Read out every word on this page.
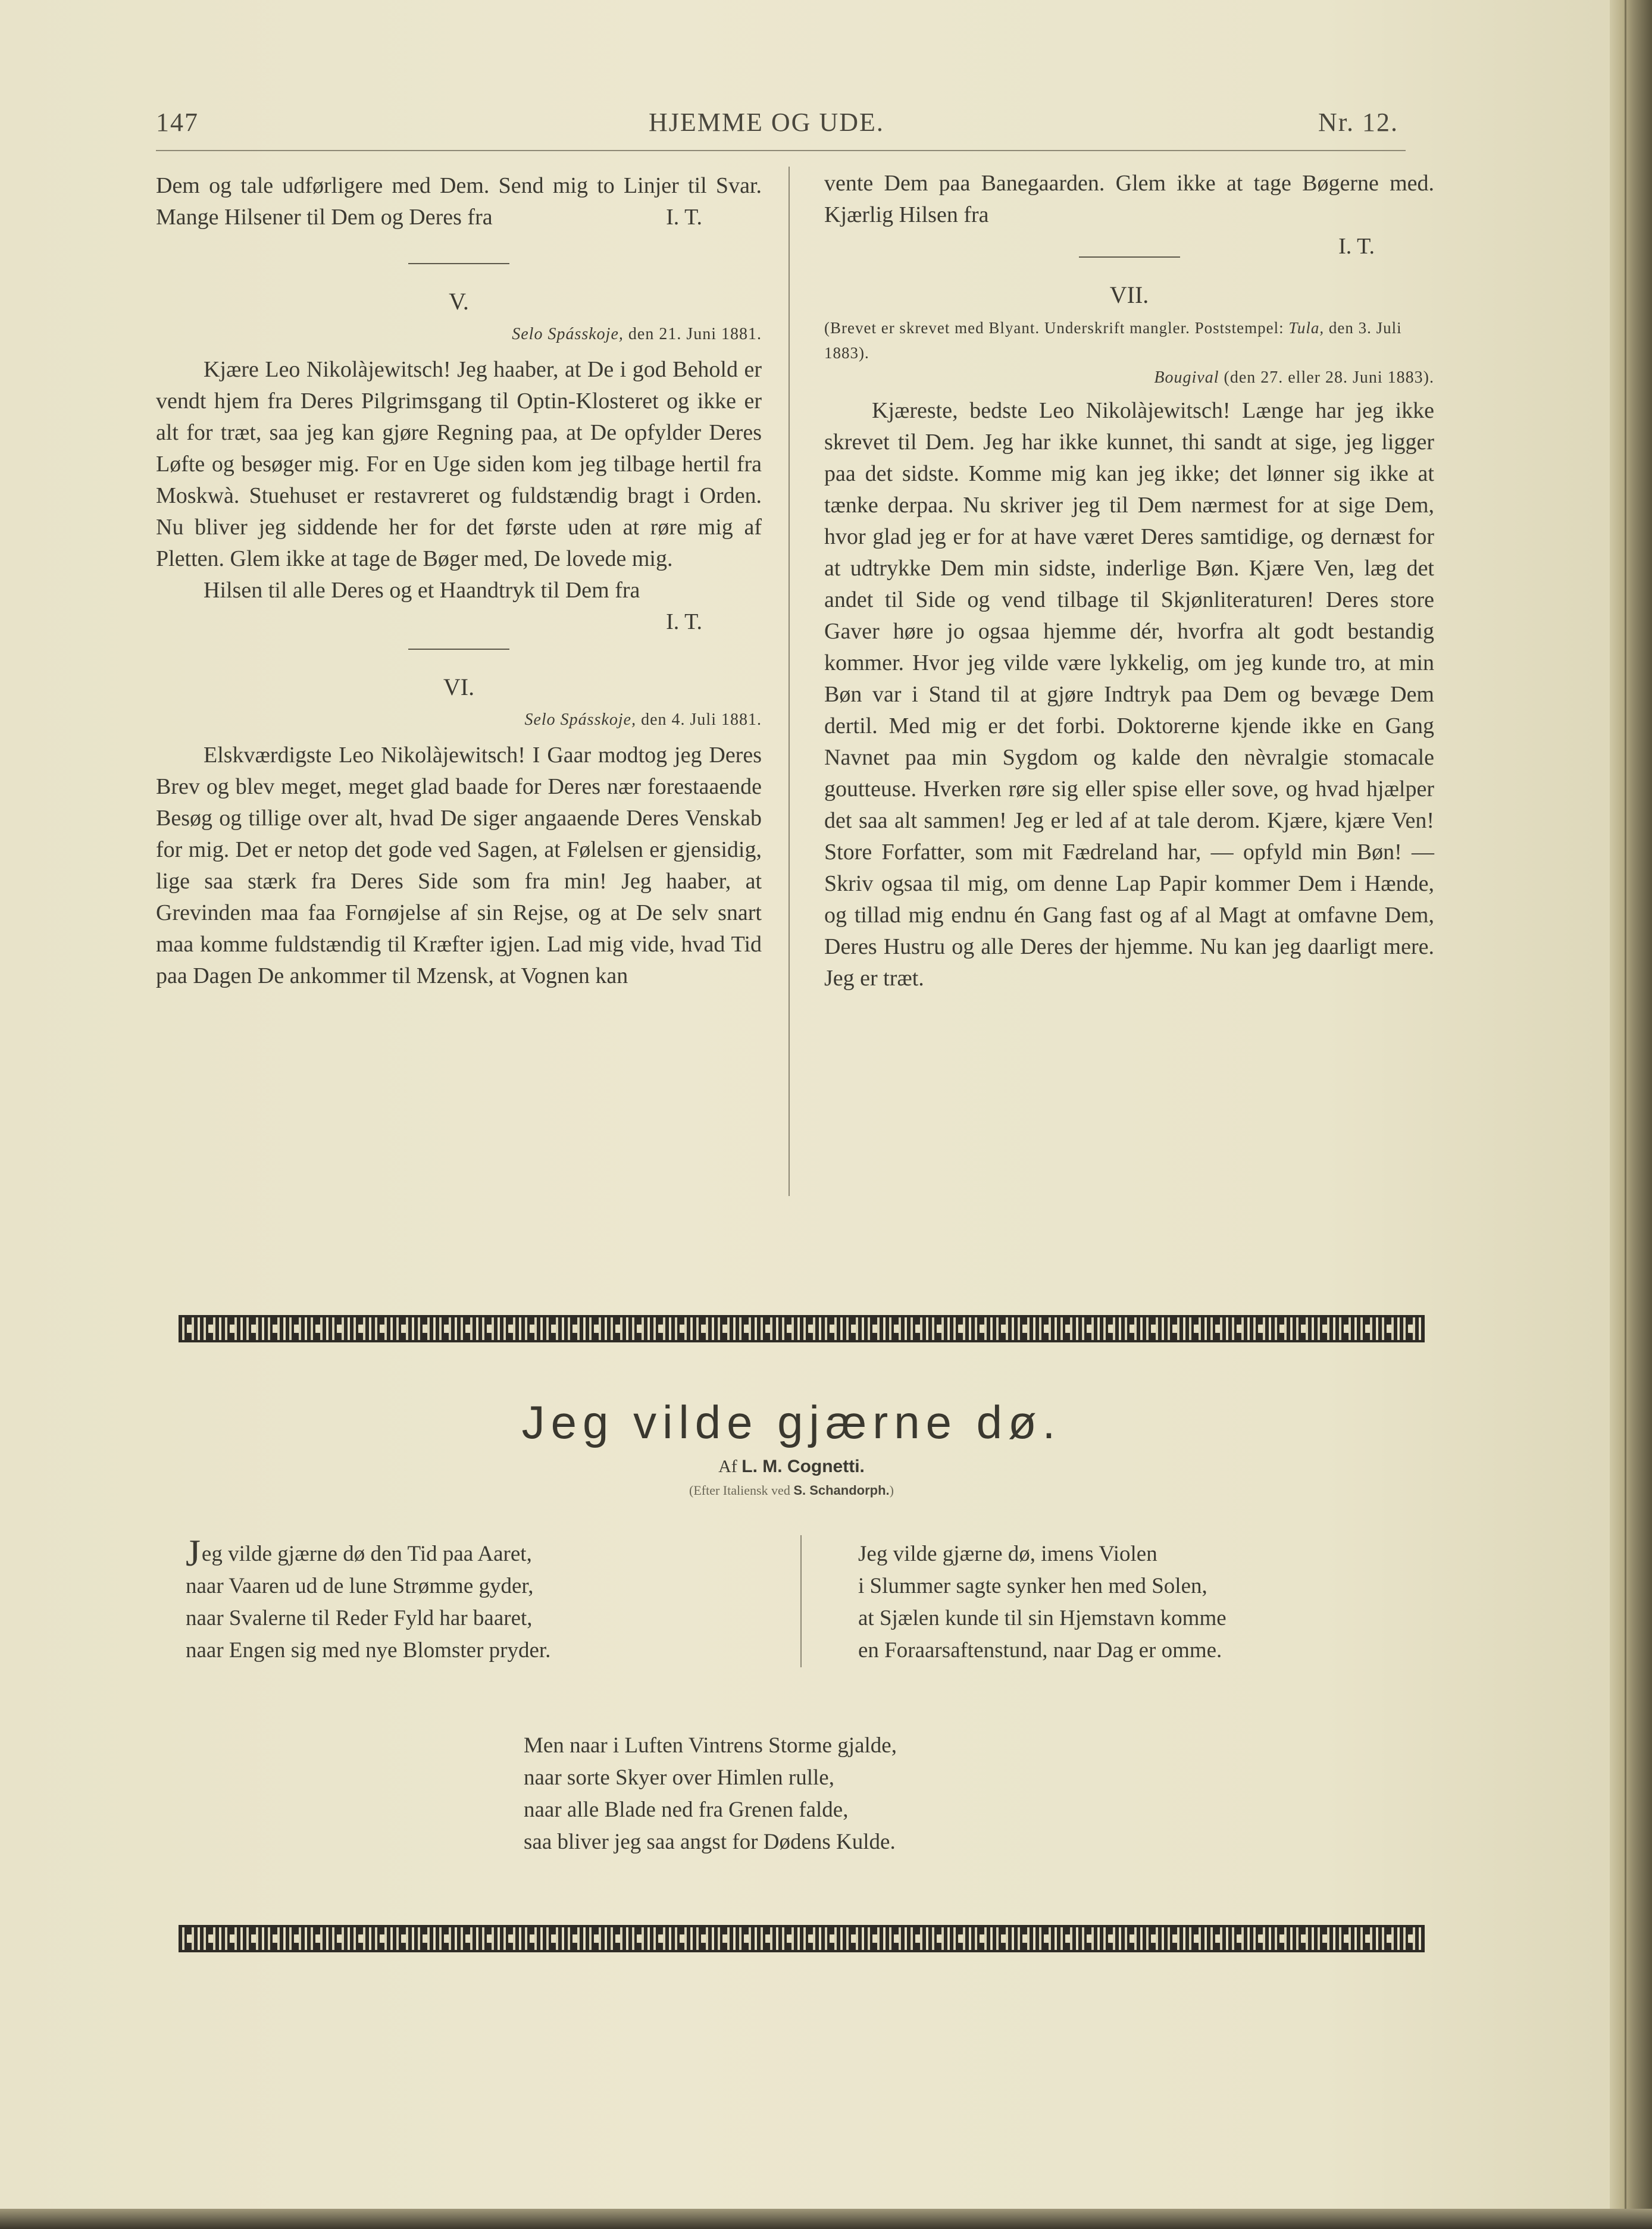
147	HJEMME OG UDE.	Nr. 12.

Dem og tale udførligere med Dem. Send mig to Linjer til Svar. Mange Hilsener til Dem og Deres fra	I. T.

V.

Selo Spásskoje, den 21. Juni 1881.

Kjære Leo Nikolàjewitsch! Jeg haaber, at De i god Behold er vendt hjem fra Deres Pilgrimsgang til Optin-Klosteret og ikke er alt for træt, saa jeg kan gjøre Regning paa, at De opfylder Deres Løfte og besøger mig. For en Uge siden kom jeg tilbage hertil fra Moskwà. Stuehuset er restavreret og fuldstændig bragt i Orden. Nu bliver jeg siddende her for det første uden at røre mig af Pletten. Glem ikke at tage de Bøger med, De lovede mig.

Hilsen til alle Deres og et Haandtryk til Dem fra

I. T.

VI.

Selo Spásskoje, den 4. Juli 1881.

Elskværdigste Leo Nikolàjewitsch! I Gaar modtog jeg Deres Brev og blev meget, meget glad baade for Deres nær forestaaende Besøg og tillige over alt, hvad De siger angaaende Deres Venskab for mig. Det er netop det gode ved Sagen, at Følelsen er gjensidig, lige saa stærk fra Deres Side som fra min! Jeg haaber, at Grevinden maa faa Fornøjelse af sin Rejse, og at De selv snart maa komme fuldstændig til Kræfter igjen. Lad mig vide, hvad Tid paa Dagen De ankommer til Mzensk, at Vognen kan

vente Dem paa Banegaarden. Glem ikke at tage Bøgerne med. Kjærlig Hilsen fra

I. T.

VII.

(Brevet er skrevet med Blyant. Underskrift mangler. Poststempel: Tula, den 3. Juli 1883).

Bougival (den 27. eller 28. Juni 1883).

Kjæreste, bedste Leo Nikolàjewitsch! Længe har jeg ikke skrevet til Dem. Jeg har ikke kunnet, thi sandt at sige, jeg ligger paa det sidste. Komme mig kan jeg ikke; det lønner sig ikke at tænke derpaa. Nu skriver jeg til Dem nærmest for at sige Dem, hvor glad jeg er for at have været Deres samtidige, og dernæst for at udtrykke Dem min sidste, inderlige Bøn. Kjære Ven, læg det andet til Side og vend tilbage til Skjønliteraturen! Deres store Gaver høre jo ogsaa hjemme dér, hvorfra alt godt bestandig kommer. Hvor jeg vilde være lykkelig, om jeg kunde tro, at min Bøn var i Stand til at gjøre Indtryk paa Dem og bevæge Dem dertil. Med mig er det forbi. Doktorerne kjende ikke en Gang Navnet paa min Sygdom og kalde den nèvralgie stomacale goutteuse. Hverken røre sig eller spise eller sove, og hvad hjælper det saa alt sammen! Jeg er led af at tale derom. Kjære, kjære Ven! Store Forfatter, som mit Fædreland har, — opfyld min Bøn! — Skriv ogsaa til mig, om denne Lap Papir kommer Dem i Hænde, og tillad mig endnu én Gang fast og af al Magt at omfavne Dem, Deres Hustru og alle Deres der hjemme. Nu kan jeg daarligt mere. Jeg er træt.

Jeg vilde gjærne dø.
Af L. M. Cognetti.
(Efter Italiensk ved S. Schandorph.)
Jeg vilde gjærne dø den Tid paa Aaret,
naar Vaaren ud de lune Strømme gyder,
naar Svalerne til Reder Fyld har baaret,
naar Engen sig med nye Blomster pryder.
Jeg vilde gjærne dø, imens Violen
i Slummer sagte synker hen med Solen,
at Sjælen kunde til sin Hjemstavn komme
en Foraarsaftenstund, naar Dag er omme.
Men naar i Luften Vintrens Storme gjalde,
naar sorte Skyer over Himlen rulle,
naar alle Blade ned fra Grenen falde,
saa bliver jeg saa angst for Dødens Kulde.
